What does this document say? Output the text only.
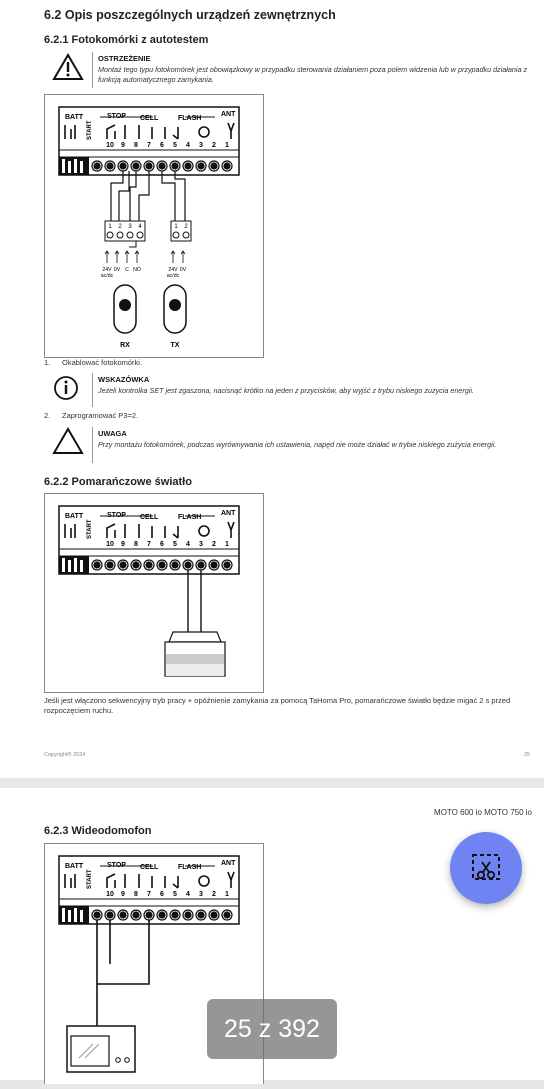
6.2 Opis poszczególnych urządzeń zewnętrznych
6.2.1 Fotokomórki z autotestem
OSTRZEŻENIE
Montaż tego typu fotokomórek jest obowiązkowy w przypadku sterowania działaniem poza polem widzenia lub w przypadku działania z funkcją automatycznego zamykania.
BATT
START
STOP CELL	FLASH
ANT
10 9 8 7 6 5 4 3 2 1
1 2 3 4	1 2
24V 0V C NO
ac/dc
24V 0V
ac/dc
RX	TX
1. Okablować fotokomórki.
WSKAZÓWKA
Jeżeli kontrolka SET jest zgaszona, nacisnąć krótko na jeden z przycisków, aby wyjść z trybu niskiego zużycia energii.
2. Zaprogramować P3=2.
UWAGA
Przy montażu fotokomórek, podczas wyrównywania ich ustawienia, napęd nie może działać w trybie niskiego zużycia energii.
6.2.2 Pomarańczowe światło
BATT
START
STOP CELL	FLASH
ANT
10 9 8 7 6 5 4 3 2 1
Jeśli jest włączono sekwencyjny tryb pracy + opóźnienie zamykania za pomocą TaHoma Pro, pomarańczowe światło będzie migać 2 s przed rozpoczęciem ruchu.
Copyright® 2024	25
MOTO 600 io MOTO 750 io
6.2.3 Wideodomofon
BATT
START
STOP CELL	FLASH
ANT
10 9 8 7 6 5 4 3 2 1
25 z 392
